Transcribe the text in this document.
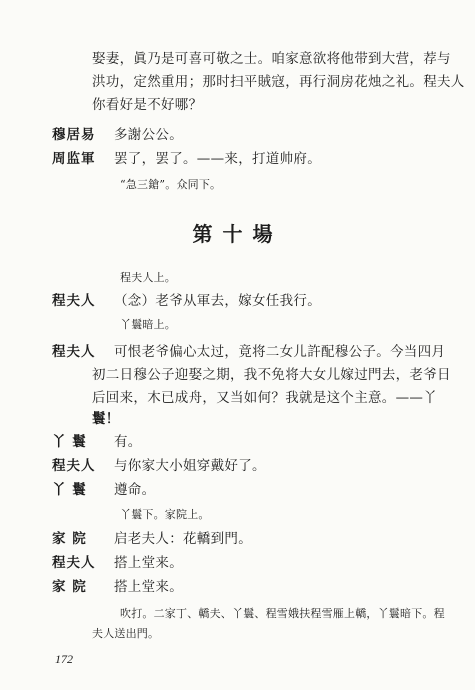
娶妻，眞乃是可喜可敬之士。咱家意欲将他带到大营，荐与
洪功，定然重用；那时扫平賊寇，再行洞房花烛之礼。程夫人
你看好是不好哪？
穆居易 多謝公公。
周监軍 罢了，罢了。——来，打道帅府。
“急三鎗”。众同下。
第十場
程夫人上。
程夫人 （念）老爷从軍去，嫁女任我行。
丫鬟暗上。
程夫人 可恨老爷偏心太过，竟将二女儿許配穆公子。今当四月
初二日穆公子迎娶之期，我不免将大女儿嫁过門去，老爷日
后回来，木已成舟，又当如何？我就是这个主意。——丫
鬟！
丫 鬟 有。
程夫人 与你家大小姐穿戴好了。
丫 鬟 遵命。
丫鬟下。家院上。
家 院 启老夫人：花轎到門。
程夫人 搭上堂来。
家 院 搭上堂来。
吹打。二家丁、轎夫、丫鬟、程雪娥扶程雪雁上轎，丫鬟暗下。程
夫人送出門。
172
